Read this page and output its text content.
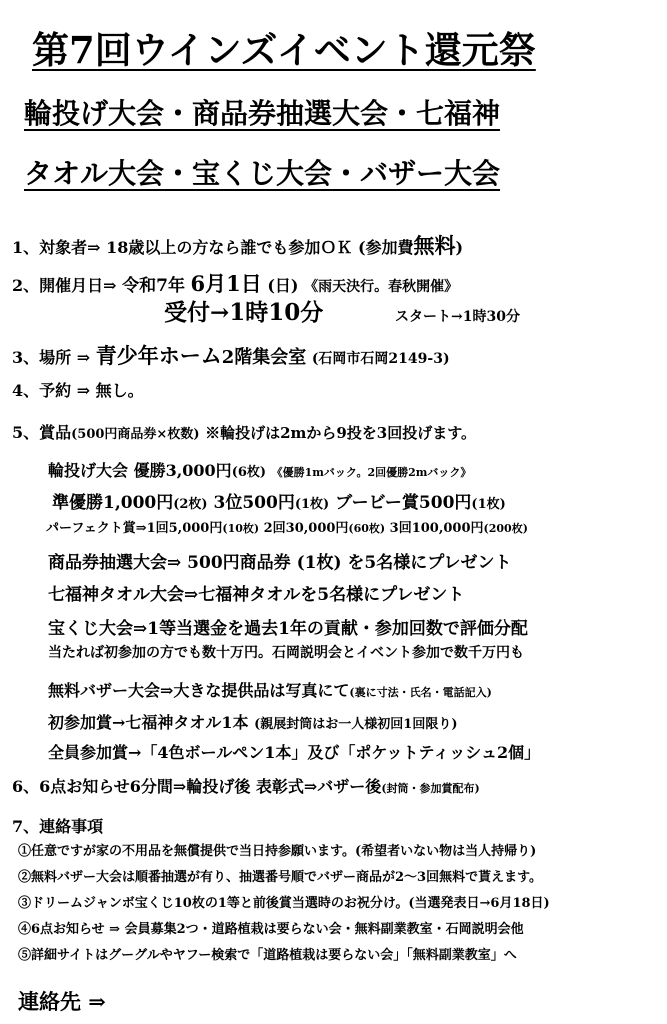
第7回ウインズイベント還元祭
輪投げ大会・商品券抽選大会・七福神
タオル大会・宝くじ大会・バザー大会
1、対象者⇒ 18歳以上の方なら誰でも参加ＯＫ (参加費無料)
2、開催月日⇒ 令和7年 6月1日 (日) 《雨天決行。春秋開催》
受付→1時10分	スタート→1時30分
3、場所 ⇒ 青少年ホーム2階集会室 (石岡市石岡2149-3)
4、予約 ⇒ 無し。
5、賞品(500円商品券×枚数) ※輪投げは2mから9投を3回投げます。
輪投げ大会 優勝3,000円(6枚) 《優勝1mバック。2回優勝2mバック》
準優勝1,000円(2枚) 3位500円(1枚) ブービー賞500円(1枚)
パーフェクト賞⇒1回5,000円(10枚) 2回30,000円(60枚) 3回100,000円(200枚)
商品券抽選大会⇒ 500円商品券 (1枚) を5名様にプレゼント
七福神タオル大会⇒七福神タオルを5名様にプレゼント
宝くじ大会⇒1等当選金を過去1年の貢献・参加回数で評価分配
当たれば初参加の方でも数十万円。石岡説明会とイベント参加で数千万円も
無料バザー大会⇒大きな提供品は写真にて(裏に寸法・氏名・電話記入)
初参加賞→七福神タオル1本 (親展封筒はお一人様初回1回限り)
全員参加賞→「4色ボールペン1本」及び「ポケットティッシュ2個」
6、6点お知らせ6分間⇒輪投げ後 表彰式⇒バザー後(封筒・参加賞配布)
7、連絡事項
①任意ですが家の不用品を無償提供で当日持参願います。(希望者いない物は当人持帰り)
②無料バザー大会は順番抽選が有り、抽選番号順でバザー商品が2～3回無料で貰えます。
③ドリームジャンボ宝くじ10枚の1等と前後賞当選時のお祝分け。(当選発表日→6月18日)
④6点お知らせ ⇒ 会員募集2つ・道路植栽は要らない会・無料副業教室・石岡説明会他
⑤詳細サイトはグーグルやヤフー検索で「道路植栽は要らない会」「無料副業教室」へ
連絡先 ⇒
